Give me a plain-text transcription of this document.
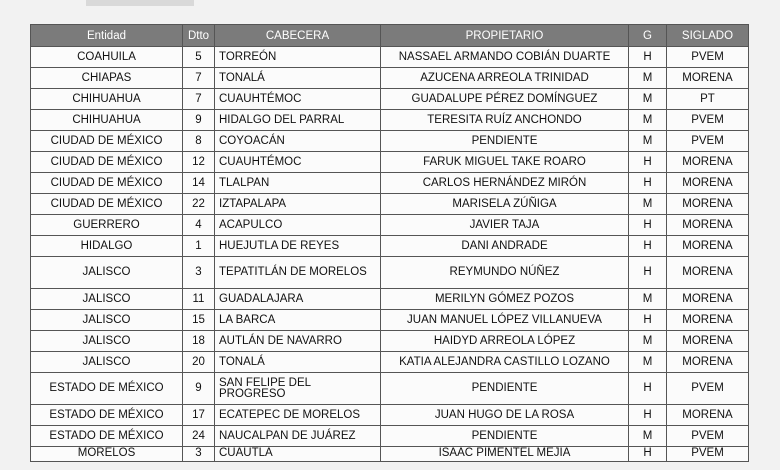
Entidad	Dtto	CABECERA	PROPIETARIO	G	SIGLADO
COAHUILA	5	TORREÓN	NASSAEL ARMANDO COBIÁN DUARTE	H	PVEM
CHIAPAS	7	TONALÁ	AZUCENA ARREOLA TRINIDAD	M	MORENA
CHIHUAHUA	7	CUAUHTÉMOC	GUADALUPE PÉREZ DOMÍNGUEZ	M	PT
CHIHUAHUA	9	HIDALGO DEL PARRAL	TERESITA RUÍZ ANCHONDO	M	PVEM
CIUDAD DE MÉXICO	8	COYOACÁN	PENDIENTE	M	PVEM
CIUDAD DE MÉXICO	12	CUAUHTÉMOC	FARUK MIGUEL TAKE ROARO	H	MORENA
CIUDAD DE MÉXICO	14	TLALPAN	CARLOS HERNÁNDEZ MIRÓN	H	MORENA
CIUDAD DE MÉXICO	22	IZTAPALAPA	MARISELA ZÚÑIGA	M	MORENA
GUERRERO	4	ACAPULCO	JAVIER TAJA	H	MORENA
HIDALGO	1	HUEJUTLA DE REYES	DANI ANDRADE	H	MORENA
JALISCO	3	TEPATITLÁN DE MORELOS	REYMUNDO NÚÑEZ	H	MORENA
JALISCO	11	GUADALAJARA	MERILYN GÓMEZ POZOS	M	MORENA
JALISCO	15	LA BARCA	JUAN MANUEL LÓPEZ VILLANUEVA	H	MORENA
JALISCO	18	AUTLÁN DE NAVARRO	HAIDYD ARREOLA LÓPEZ	M	MORENA
JALISCO	20	TONALÁ	KATIA ALEJANDRA CASTILLO LOZANO	M	MORENA
ESTADO DE MÉXICO	9	SAN FELIPE DEL PROGRESO	PENDIENTE	H	PVEM
ESTADO DE MÉXICO	17	ECATEPEC DE MORELOS	JUAN HUGO DE LA ROSA	H	MORENA
ESTADO DE MÉXICO	24	NAUCALPAN DE JUÁREZ	PENDIENTE	M	PVEM
MORELOS	3	CUAUTLA	ISAAC PIMENTEL MEJÍA	H	PVEM
